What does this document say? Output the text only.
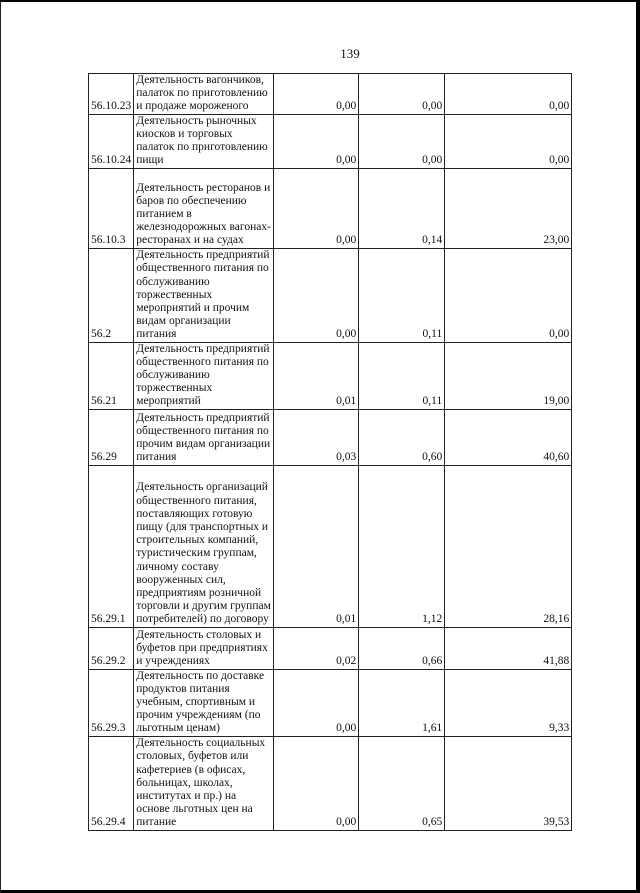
139
56.10.23	Деятельность вагончиков, палаток по приготовлению и продаже мороженого	0,00	0,00	0,00
56.10.24	Деятельность рыночных киосков и торговых палаток по приготовлению пищи	0,00	0,00	0,00
56.10.3	Деятельность ресторанов и баров по обеспечению питанием в железнодорожных вагонах-ресторанах и на судах	0,00	0,14	23,00
56.2	Деятельность предприятий общественного питания по обслуживанию торжественных мероприятий и прочим видам организации питания	0,00	0,11	0,00
56.21	Деятельность предприятий общественного питания по обслуживанию торжественных мероприятий	0,01	0,11	19,00
56.29	Деятельность предприятий общественного питания по прочим видам организации питания	0,03	0,60	40,60
56.29.1	Деятельность организаций общественного питания, поставляющих готовую пищу (для транспортных и строительных компаний, туристическим группам, личному составу вооруженных сил, предприятиям розничной торговли и другим группам потребителей) по договору	0,01	1,12	28,16
56.29.2	Деятельность столовых и буфетов при предприятиях и учреждениях	0,02	0,66	41,88
56.29.3	Деятельность по доставке продуктов питания учебным, спортивным и прочим учреждениям (по льготным ценам)	0,00	1,61	9,33
56.29.4	Деятельность социальных столовых, буфетов или кафетериев (в офисах, больницах, школах, институтах и пр.) на основе льготных цен на питание	0,00	0,65	39,53
